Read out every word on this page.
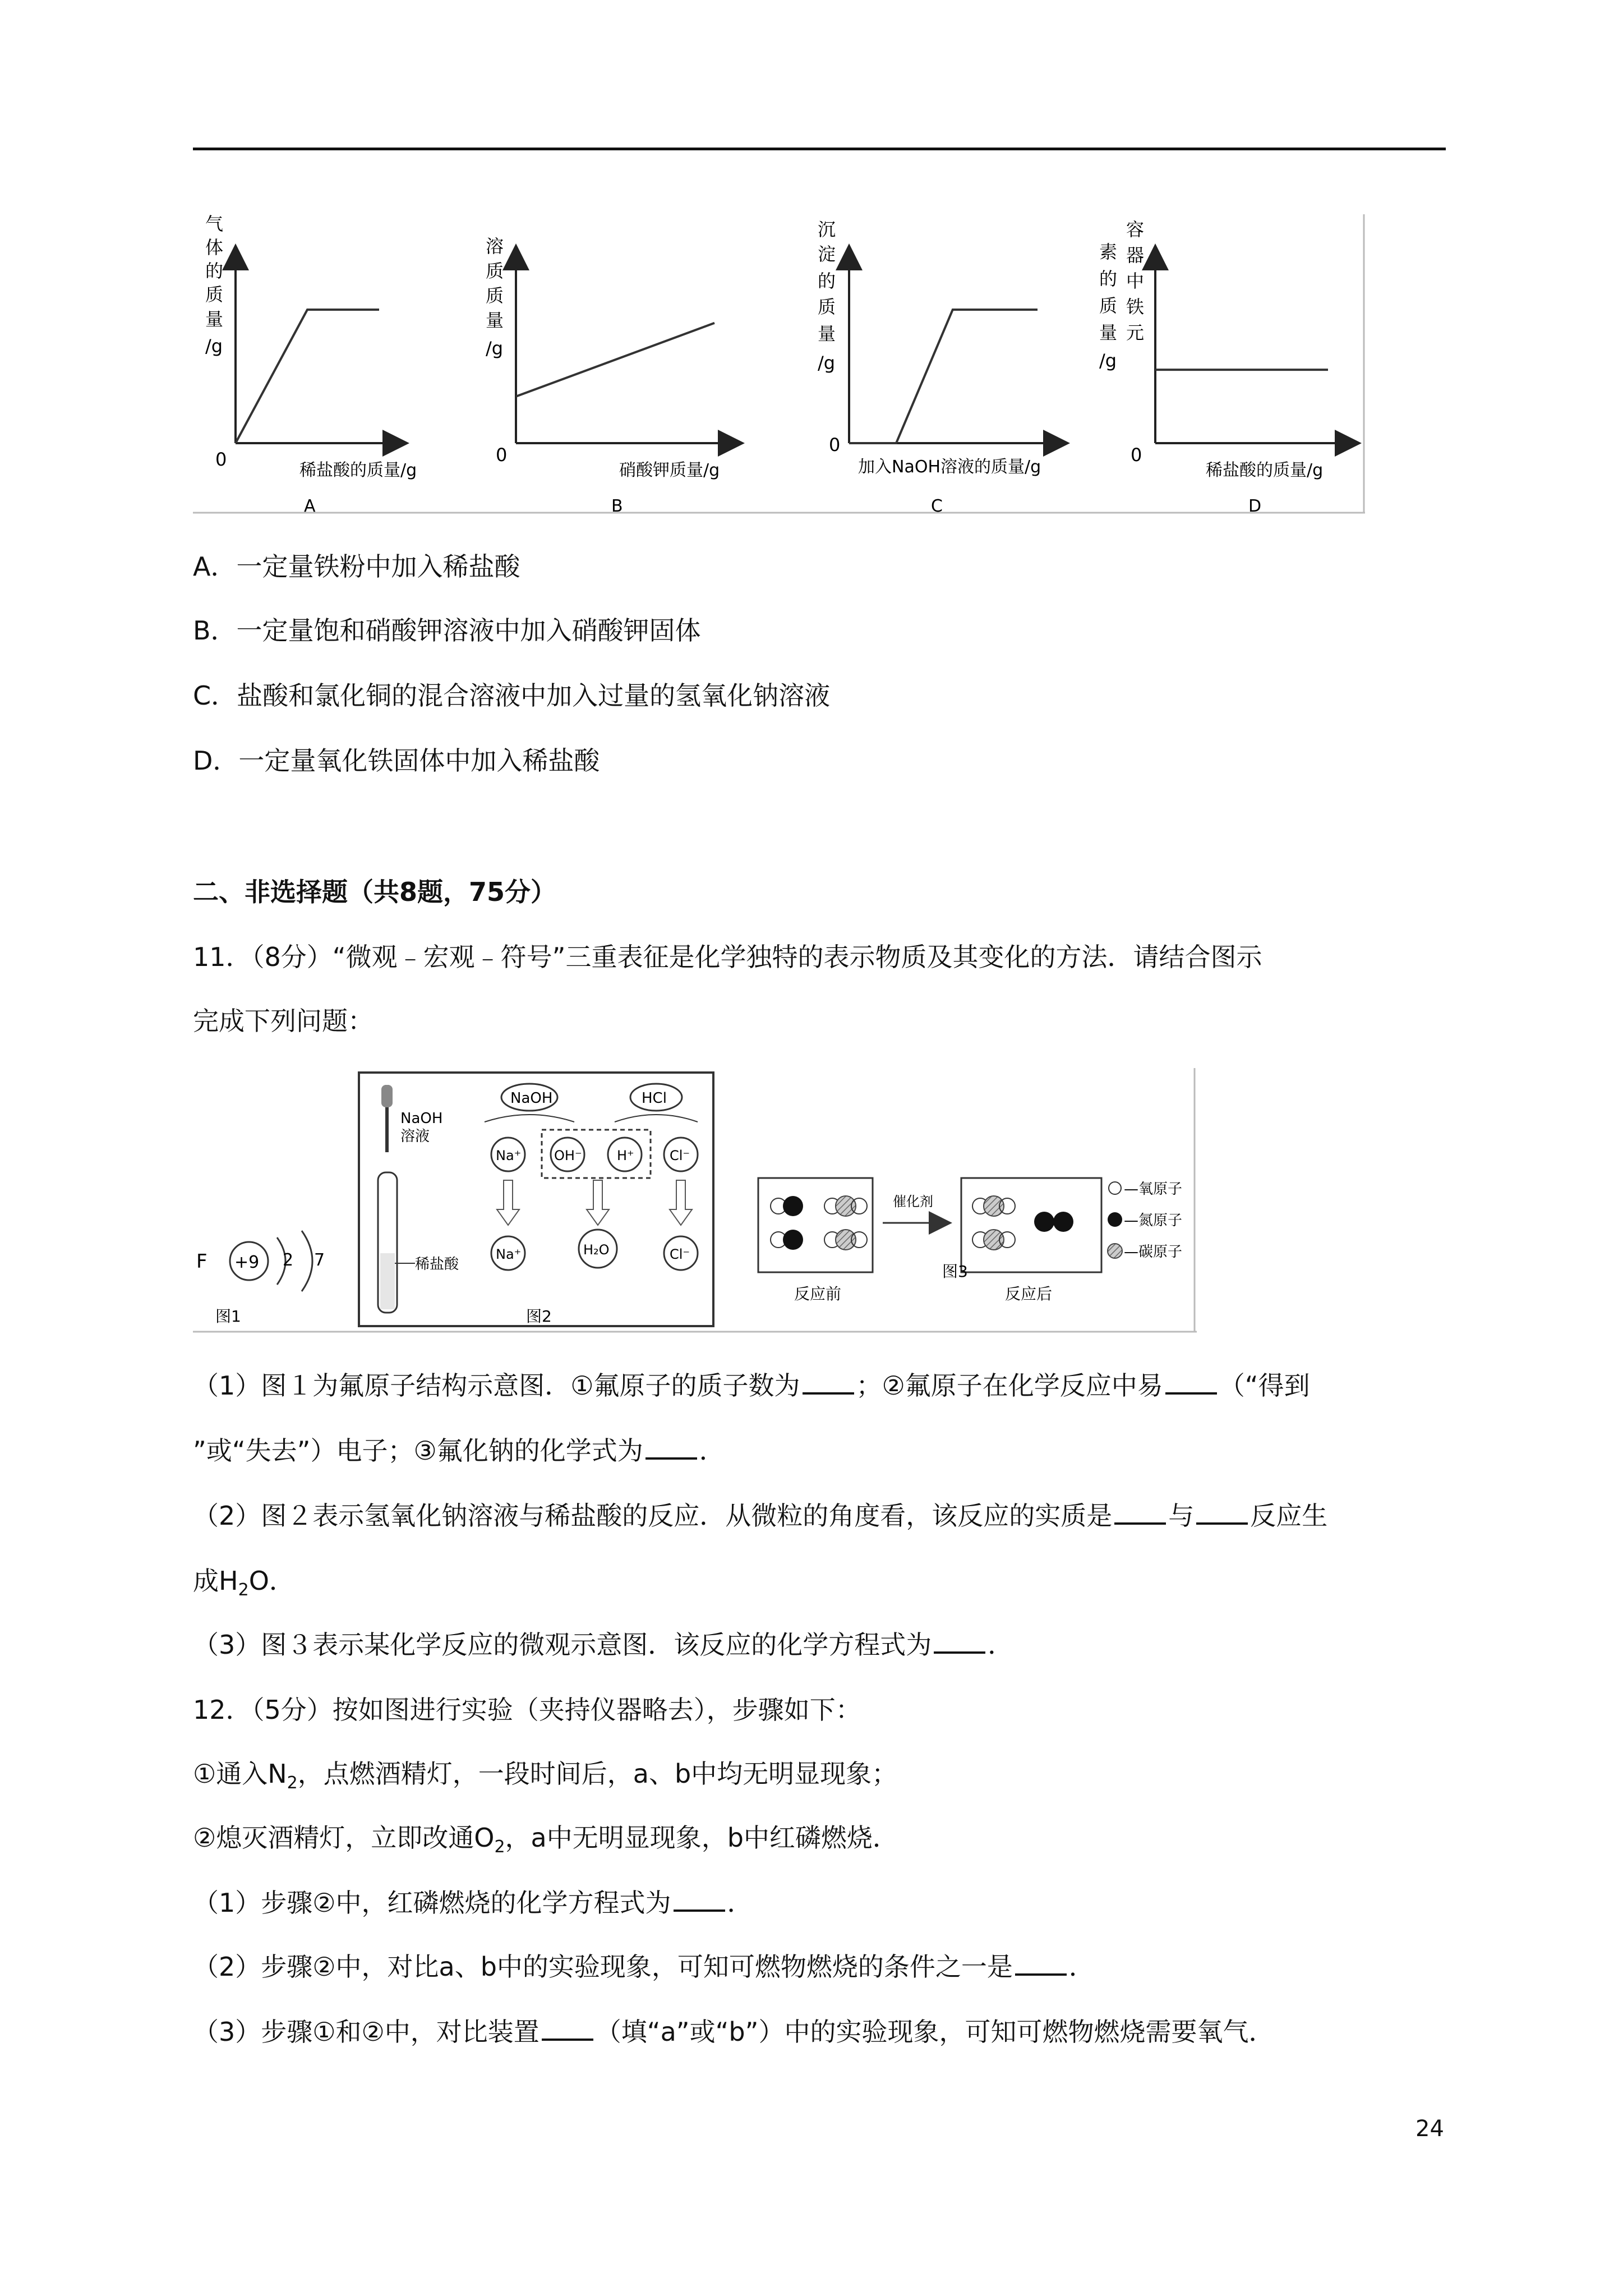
气
体
的
质
量
/g
0
稀盐酸的质量/g
A
溶
质
质
量
/g
0
硝酸钾质量/g
B
沉
淀
的
质
量
/g
0
加入NaOH溶液的质量/g
C
素
的
质
量
/g
容
器
中
铁
元
0
稀盐酸的质量/g
D
A．一定量铁粉中加入稀盐酸
B．一定量饱和硝酸钾溶液中加入硝酸钾固体
C．盐酸和氯化铜的混合溶液中加入过量的氢氧化钠溶液
D．一定量氧化铁固体中加入稀盐酸
二、非选择题（共8题，75分）
11．（8分）“微观﹣宏观﹣符号”三重表征是化学独特的表示物质及其变化的方法．请结合图示
完成下列问题：
F +9 2 7
图1
NaOH
溶液
稀盐酸
NaOH	HCl
Na⁺ OH⁻	H⁺	Cl⁻
Na⁺	H₂O	Cl⁻
图2
反应前
催化剂
反应后
图3
—氧原子
—氮原子
—碳原子
（1）图１为氟原子结构示意图．①氟原子的质子数为 ；②氟原子在化学反应中易 （“得到
”或“失去”）电子；③氟化钠的化学式为 ．
（2）图２表示氢氧化钠溶液与稀盐酸的反应．从微粒的角度看，该反应的实质是 与 反应生
成$H_2O$．
（3）图３表示某化学反应的微观示意图．该反应的化学方程式为 ．
12．（5分）按如图进行实验（夹持仪器略去），步骤如下：
①通入$N_2$，点燃酒精灯，一段时间后，a、b中均无明显现象；
②熄灭酒精灯，立即改通$O_2$，a中无明显现象，b中红磷燃烧．
（1）步骤②中，红磷燃烧的化学方程式为 ．
（2）步骤②中，对比a、b中的实验现象，可知可燃物燃烧的条件之一是 ．
（3）步骤①和②中，对比装置 （填“a”或“b”）中的实验现象，可知可燃物燃烧需要氧气．
24
